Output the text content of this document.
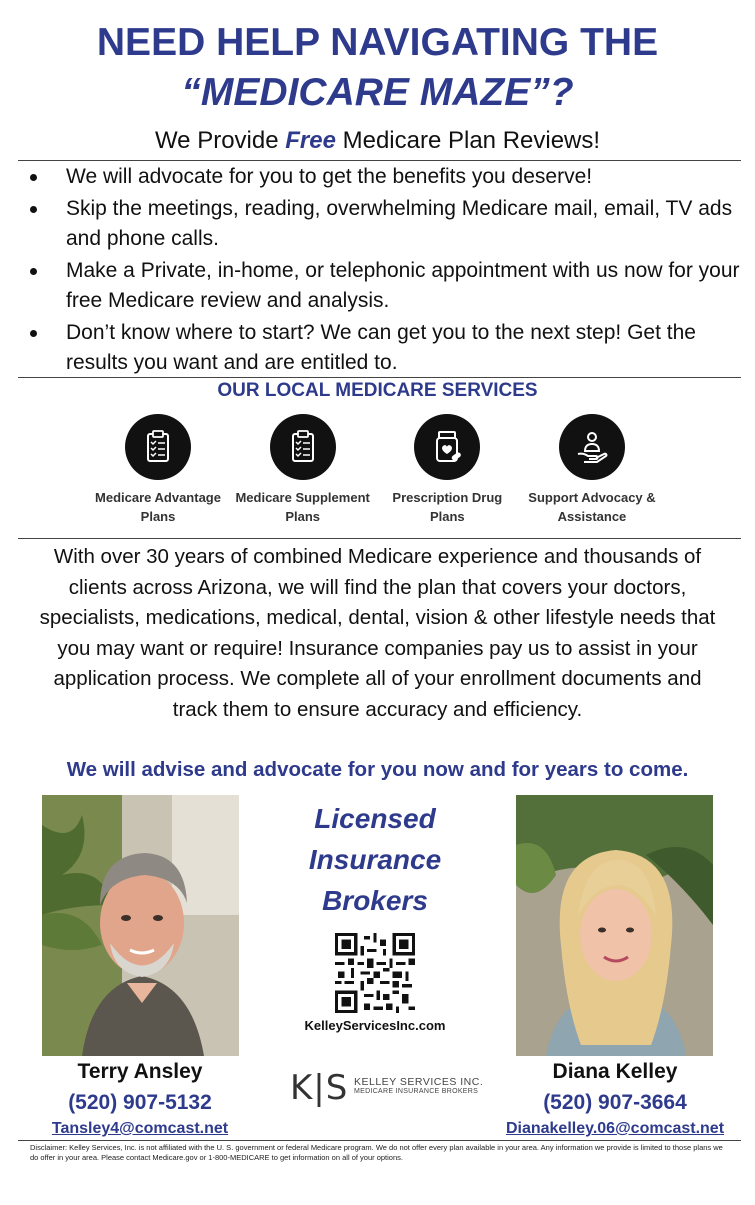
NEED HELP NAVIGATING THE
“MEDICARE MAZE”?
We Provide Free Medicare Plan Reviews!
We will advocate for you to get the benefits you deserve!
Skip the meetings, reading, overwhelming Medicare mail, email, TV ads and phone calls.
Make a Private, in-home, or telephonic appointment with us now for your free Medicare review and analysis.
Don’t know where to start? We can get you to the next step! Get the results you want and are entitled to.
OUR LOCAL MEDICARE SERVICES
Medicare Advantage Plans
Medicare Supplement Plans
Prescription Drug Plans
Support Advocacy & Assistance
With over 30 years of combined Medicare experience and thousands of clients across Arizona, we will find the plan that covers your doctors, specialists, medications, medical, dental, vision & other lifestyle needs that you may want or require! Insurance companies pay us to assist in your application process. We complete all of your enrollment documents and track them to ensure accuracy and efficiency.
We will advise and advocate for you now and for years to come.
Licensed
Insurance
Brokers
KelleyServicesInc.com
Terry Ansley
(520) 907-5132
Tansley4@comcast.net
K|S KELLEY SERVICES INC.
MEDICARE INSURANCE BROKERS
Diana Kelley
(520) 907-3664
Dianakelley.06@comcast.net
Disclaimer: Kelley Services, Inc. is not affiliated with the U. S. government or federal Medicare program. We do not offer every plan available in your area. Any information we provide is limited to those plans we do offer in your area. Please contact Medicare.gov or 1-800-MEDICARE to get information on all of your options.
